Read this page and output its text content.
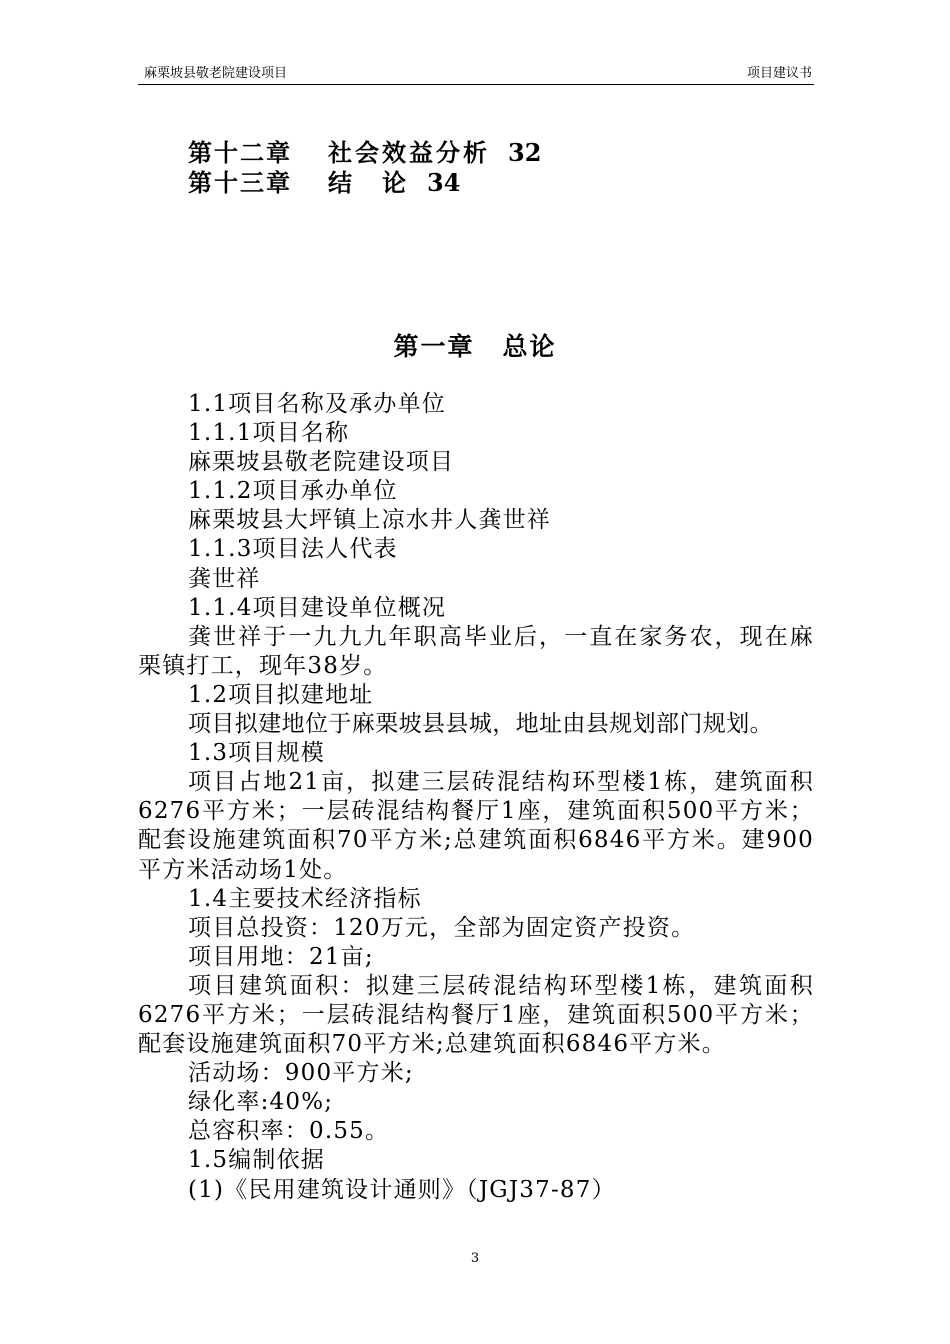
麻栗坡县敬老院建设项目	项目建议书
第十二章 社会效益分析 32
第十三章 结　论 34
第一章 总论

1.1项目名称及承办单位

1.1.1项目名称

麻栗坡县敬老院建设项目

1.1.2项目承办单位

麻栗坡县大坪镇上凉水井人龚世祥

1.1.3项目法人代表

龚世祥

1.1.4项目建设单位概况

龚世祥于一九九九年职高毕业后，一直在家务农，现在麻栗镇打工，现年38岁。

1.2项目拟建地址

项目拟建地位于麻栗坡县县城，地址由县规划部门规划。

1.3项目规模

项目占地21亩，拟建三层砖混结构环型楼1栋，建筑面积6276平方米；一层砖混结构餐厅1座，建筑面积500平方米；配套设施建筑面积70平方米;总建筑面积6846平方米。建900平方米活动场1处。

1.4主要技术经济指标

项目总投资：120万元，全部为固定资产投资。

项目用地：21亩;

项目建筑面积：拟建三层砖混结构环型楼1栋，建筑面积6276平方米；一层砖混结构餐厅1座，建筑面积500平方米；配套设施建筑面积70平方米;总建筑面积6846平方米。

活动场：900平方米;

绿化率:40%;

总容积率：0.55。

1.5编制依据

(1)《民用建筑设计通则》（JGJ37-87）

3
